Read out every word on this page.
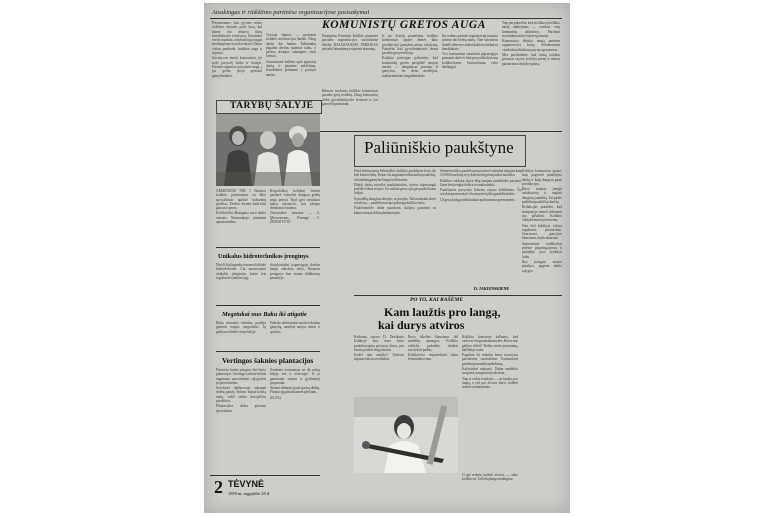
Atsakingas ir riūkštimo partinėse organizacijose pasisakymai

Prisimename, kuo gyveno mūsų sodžiaus žmonės prieš karą, kai kaime dar nebuvo tikrų žemdirbystės tvarkymų. Ūkininkai vertėsi sunkiai, o dirbančiųjų vargai nesibaigė nuo ryto iki vakaro. Dabar viskas pasikeitė, kolūkiai auga ir stiprėja.

Iniciatyvos ėmėsi komunistai, jie rodo pavyzdį darbe ir buityje. Partinė organizacija kasmet auga, į jos gretas įstoja geriausi gamybininkai.

Vyrauja šlapios — gerinami kolūkio melioracijos darbai. Daug darbo dar laukia. Talkininkų pagalba derlius nuimtas laiku, o pašarų atsargos sukauptos visai žiemai.

Susirinkime kalbėta apie agitacinį darbą ir jaunimo auklėjimą. Kandidatai priimami į partijos narius.

KOMUNISTŲ GRETOS AUGA

Pareigūnų Partinėje kolūkio pirminės partinės organizacijos susirinkime iškelta DAUGIAUSIAS PAREIGAS pasiekti laimėjimų ir stiprinti drausmę.

Ir po dviejų pranešimų kolūkio komunistai aptarė žemės ūkio produkcijos gamybos planų vykdymą. Pabrėžta, kad gyvulininkystės ferma pasiekė gerų rezultatų.

Kolūkio partorgas pažymėjo, kad komunistų gretos pasipildė naujais nariais — daugiausia jaunimo iš gamybos. Jie dirba melžėjais, traktorininkais, brigadininkais.

Iki rudens partinė organizacija numato priimti dar keletą narių. Tam skiriamas didelis dėmesys individualiam darbui su kandidatais.

Visi komunistai sutartinai įsipareigojo pirmauti darbe ir būti pavyzdžiu kitiems kolūkiečiams. Susirinkimas vyko darbingai.

Taip pat pabrėžta, kad atsilikusių kolūkio narių auklėjimas — svarbus visų komunistų uždavinys. Partiniai susirinkimai turi vykti reguliariai.

Komunistai išrinko naują partinės organizacijos biurą. Sekretoriumi vienbalsiai išrinktas patyręs agronomas.

Mes pasižadame, kad mūsų kolūkis pirmasis rajone įvykdys pieno ir mėsos pardavimo valstybei planą.

Būrusio tarybinio kolūkio komunistai pasiekė gerų rodiklių. Daug komunistų dirba gyvulininkystės fermose ir yra gamybos pirmūnai.

TARYBŲ ŠALYJE

ARMĖNIJOS TSR. I. Batakos kolūkio pirmininkas su ūkio specialistais apžiūri kukurūzų pasėlius. Derlius šiemet žada būti gausus ir geras.

Kolūkiečiai džiaugiasi savo darbo vaisiais. Nuotraukoje: pirmūnai aptaria darbus.

Respublikos kolūkiai šiemet pardavė valstybei daugiau grūdų negu pernai. Ypač geri rezultatai kalnų rajonuose, kur įdiegta drėkinimo sistema.

Nuotraukos autorius — A. Movsesianas. Parengė C. ŽEMAITYTĖ.

Unikalus hidrotechnikos įrenginys

Netoli Stalingrado statoma didžiulė hidroelektrinė. Čia montuojami unikalūs įrenginiai, kurie leis reguliuoti vandens lygį.

Statybininkai įsipareigojo darbus baigti anksčiau laiko. Naujasis įrenginys bus vienas didžiausių pasaulyje.

Megztukai nuo Baku iki atigatie

Baku trikotažo fabrikas pradėjo gaminti naujus megztinius. Jų paklausa didelė visoje šalyje.

Fabriko darbininkai nuolat tobulina gamybą, naudoja naujus raštus ir spalvas.

Vertingos šaknies plantacijos

Primorės krašte įrengtos žen-šenio plantacijos. Vertinga vaistinė šaknis auginama specialiomis sąlygomis po pavėsinėmis.

Sovchozo darbuotojai sukaupė didelę patirtį. Šaknys bręsta keletą metų, todėl reikia kruopščios priežiūros.

Plantacijose dirba geriausi specialistai.

Ženšenis vertinamas ne tik mūsų šalyje, bet ir užsienyje. Iš jo gaminami vaistai ir gydomieji preparatai.

Šiemet tikimasi gauti gausų derlių. Plantacijų plotai kasmet plečiami.

(ELTA)

2 TĖVYNĖ
1959 m. rugpjūčio 29 d.
Paliūniškio paukštyne

Prieš keletą metų Paliūniškio kolūkio paukštyne buvo tik keli šimtai vištų. Dabar čia auginama tūkstančiai paukščių, o kiaušinių gamyba išaugo kelis kartus.

Didelį darbą nuveikė paukštininkės, kurios rūpestingai prižiūri vištas ir žąsis. Jos sukūrė geras sąlygas paukščiams laikyti.

Iš pradžių daug kas abejojo, ar pavyks. Tačiau darbas davė rezultatų — paukštynas tapo pelninga kolūkio šaka.

Paukštininkės dirba sutartinai, dalijasi patirtimi su kaimyninių kolūkių darbuotojais.

Šiemet kolūkio paukštynas pardavė valstybei daugiau kaip 14.000 kiaušinių ir įvykdė metinį planą anksčiau laiko.

Kolūkio valdyba skyrė lėšų naujam paukštidės pastatui. Jame bus įrengta elektra ir vandentiekis.

Paukštynas pavyzdys kitiems rajono kolūkiams. Čia atvyksta pasimokyti ir kaimyninių ūkių paukštininkės.

Už gerą darbą paukštininkės apdovanotos premijomis.

D. JAKIENSKIENE
PO TO, KAI RAŠĖME
Kam laužtis pro langą,
kai durys atviros

Kolūkio komunistai aptarė, kaip pagerinti paukštyno darbą ir kaip daugiau gauti produkcijos.

Buvo nutarta įrengti inkubatorių ir auginti daugiau jauniklių. Tai padės padidinti paukščių skaičių.

Redakcijai pranešta, kad straipsnyje minėti trūkumai jau pašalinti. Kolūkio valdyba ėmėsi priemonių.

Nuo šiol kolūkyje vyksta reguliarūs pasitarimai. Svarstomi gamybos klausimai, darbo drausmė.

Susirinkime kolūkiečiai priėmė įsipareigojimus ir pažadėjo juos įvykdyti laiku.

Bus įrengtos naujos patalpos, pagerės darbo sąlygos.

Kėdainių rajono D. Draskinio kolūkyje nuo seno buvo praktikuojama pavasarį durys, pro kurias pateksi lengviausiai.

Kodėl taip atsitiko? Vadovai rūpinasi tik savo reikalais.

Buvo iškeltas klausimas dėl sandėlių apsaugos. Kolūkio valdyba pažadėjo skubiai sutvarkyti padėtį.

Kolūkiečiai nepatenkinti tokiu šeimininkavimu.

Kolūkio kontoroje kalbama, kad vadovai vengia atsakomybės. Bet ar taip galima dirbti? Reikia imtis priemonių, kad būtų tvarka.

Pagaliau šis reikalas buvo svarstytas partiniame susirinkime. Komunistai griežtai pasmerkė aplaidumą.

Kaltininkai nubausti. Dabar sandėliai saugomi, įrengti nauji užraktai.

Taip ir reikia tvarkytis — ne laužtis pro langą, o eiti pro atviras duris, kalbėti atvirai su žmonėmis.

O gal reikėtų kalbėti atvirai, — sako kolūkietis. Tai būtų daug naudingiau.
